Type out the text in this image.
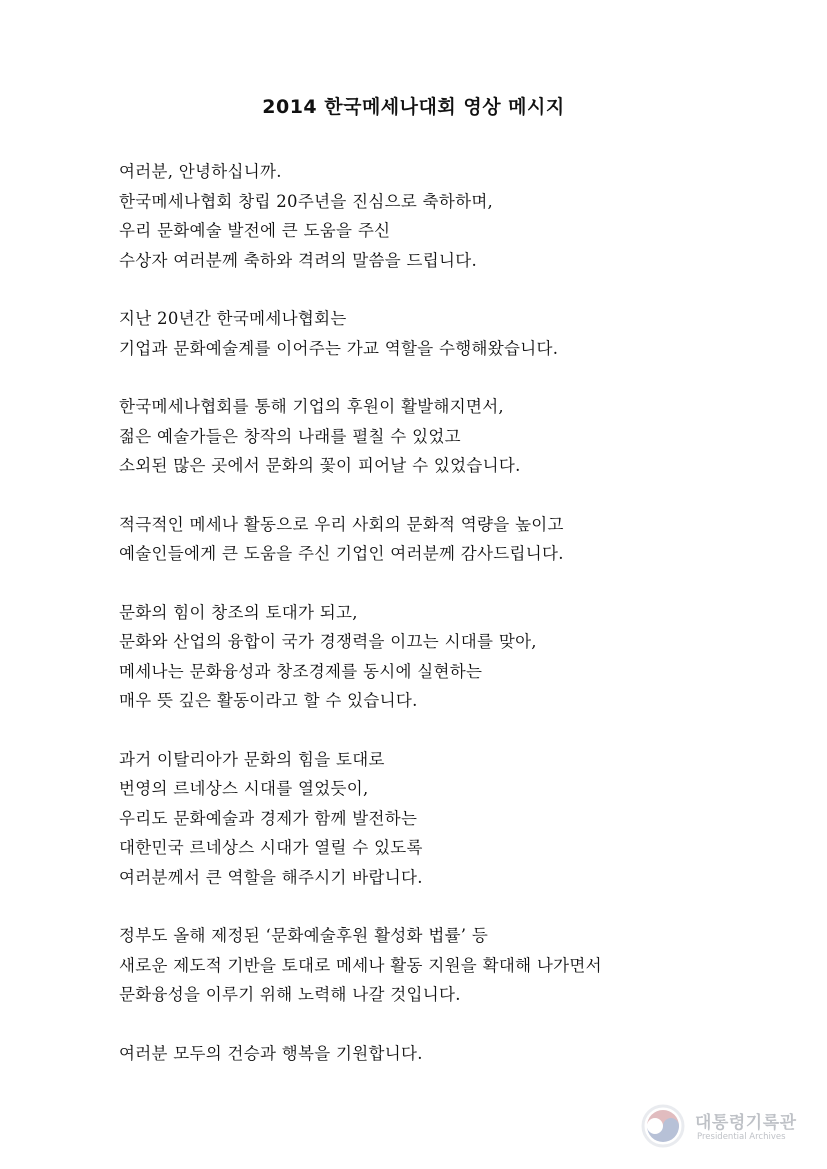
2014 한국메세나대회 영상 메시지
여러분, 안녕하십니까.
한국메세나협회 창립 20주년을 진심으로 축하하며,
우리 문화예술 발전에 큰 도움을 주신
수상자 여러분께 축하와 격려의 말씀을 드립니다.
지난 20년간 한국메세나협회는
기업과 문화예술계를 이어주는 가교 역할을 수행해왔습니다.
한국메세나협회를 통해 기업의 후원이 활발해지면서,
젊은 예술가들은 창작의 나래를 펼칠 수 있었고
소외된 많은 곳에서 문화의 꽃이 피어날 수 있었습니다.
적극적인 메세나 활동으로 우리 사회의 문화적 역량을 높이고
예술인들에게 큰 도움을 주신 기업인 여러분께 감사드립니다.
문화의 힘이 창조의 토대가 되고,
문화와 산업의 융합이 국가 경쟁력을 이끄는 시대를 맞아,
메세나는 문화융성과 창조경제를 동시에 실현하는
매우 뜻 깊은 활동이라고 할 수 있습니다.
과거 이탈리아가 문화의 힘을 토대로
번영의 르네상스 시대를 열었듯이,
우리도 문화예술과 경제가 함께 발전하는
대한민국 르네상스 시대가 열릴 수 있도록
여러분께서 큰 역할을 해주시기 바랍니다.
정부도 올해 제정된 ‘문화예술후원 활성화 법률’ 등
새로운 제도적 기반을 토대로 메세나 활동 지원을 확대해 나가면서
문화융성을 이루기 위해 노력해 나갈 것입니다.
여러분 모두의 건승과 행복을 기원합니다.
대통령기록관
Presidential Archives
